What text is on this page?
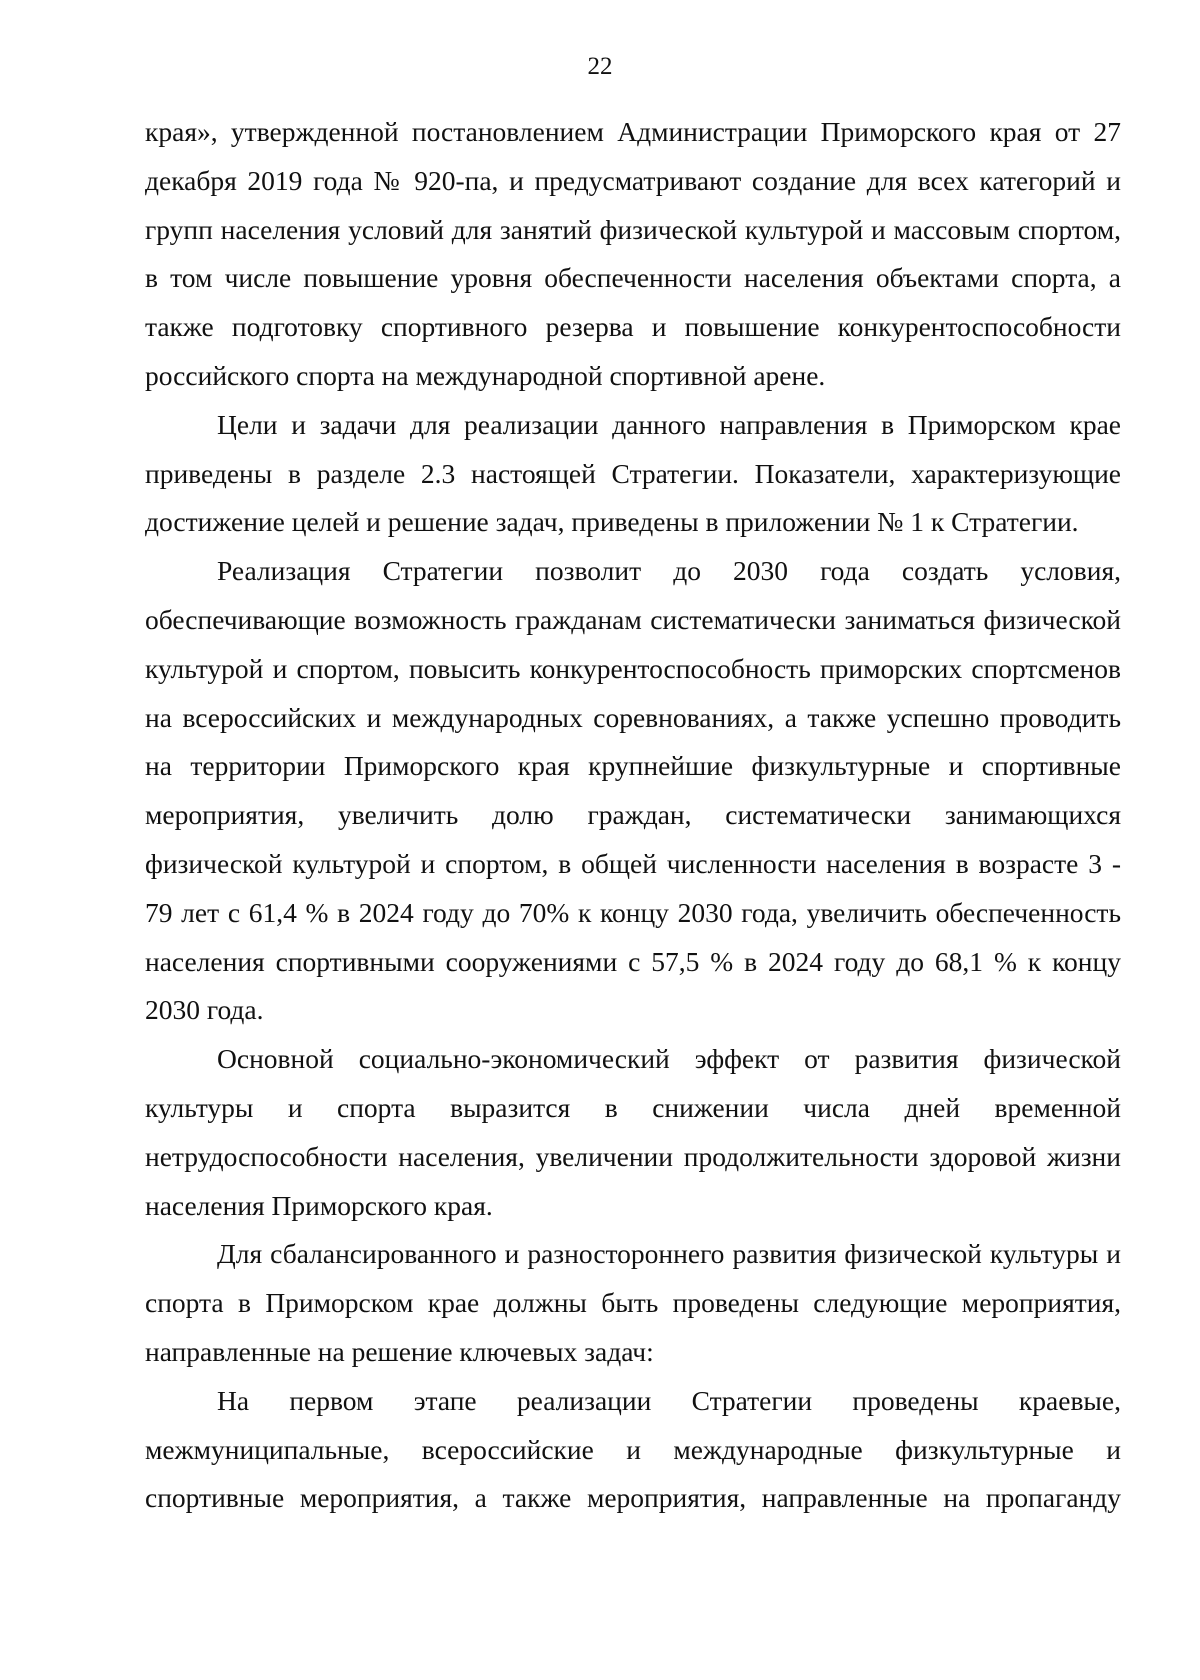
22

края», утвержденной постановлением Администрации Приморского края от 27 декабря 2019 года № 920-па, и предусматривают создание для всех категорий и групп населения условий для занятий физической культурой и массовым спортом, в том числе повышение уровня обеспеченности населения объектами спорта, а также подготовку спортивного резерва и повышение конкурентоспособности российского спорта на международной спортивной арене.

Цели и задачи для реализации данного направления в Приморском крае приведены в разделе 2.3 настоящей Стратегии. Показатели, характеризующие достижение целей и решение задач, приведены в приложении № 1 к Стратегии.

Реализация Стратегии позволит до 2030 года создать условия, обеспечивающие возможность гражданам систематически заниматься физической культурой и спортом, повысить конкурентоспособность приморских спортсменов на всероссийских и международных соревнованиях, а также успешно проводить на территории Приморского края крупнейшие физкультурные и спортивные мероприятия, увеличить долю граждан, систематически занимающихся физической культурой и спортом, в общей численности населения в возрасте 3 - 79 лет с 61,4 % в 2024 году до 70% к концу 2030 года, увеличить обеспеченность населения спортивными сооружениями с 57,5 % в 2024 году до 68,1 % к концу 2030 года.

Основной социально-экономический эффект от развития физической культуры и спорта выразится в снижении числа дней временной нетрудоспособности населения, увеличении продолжительности здоровой жизни населения Приморского края.

Для сбалансированного и разностороннего развития физической культуры и спорта в Приморском крае должны быть проведены следующие мероприятия, направленные на решение ключевых задач:

На первом этапе реализации Стратегии проведены краевые, межмуниципальные, всероссийские и международные физкультурные и спортивные мероприятия, а также мероприятия, направленные на пропаганду
